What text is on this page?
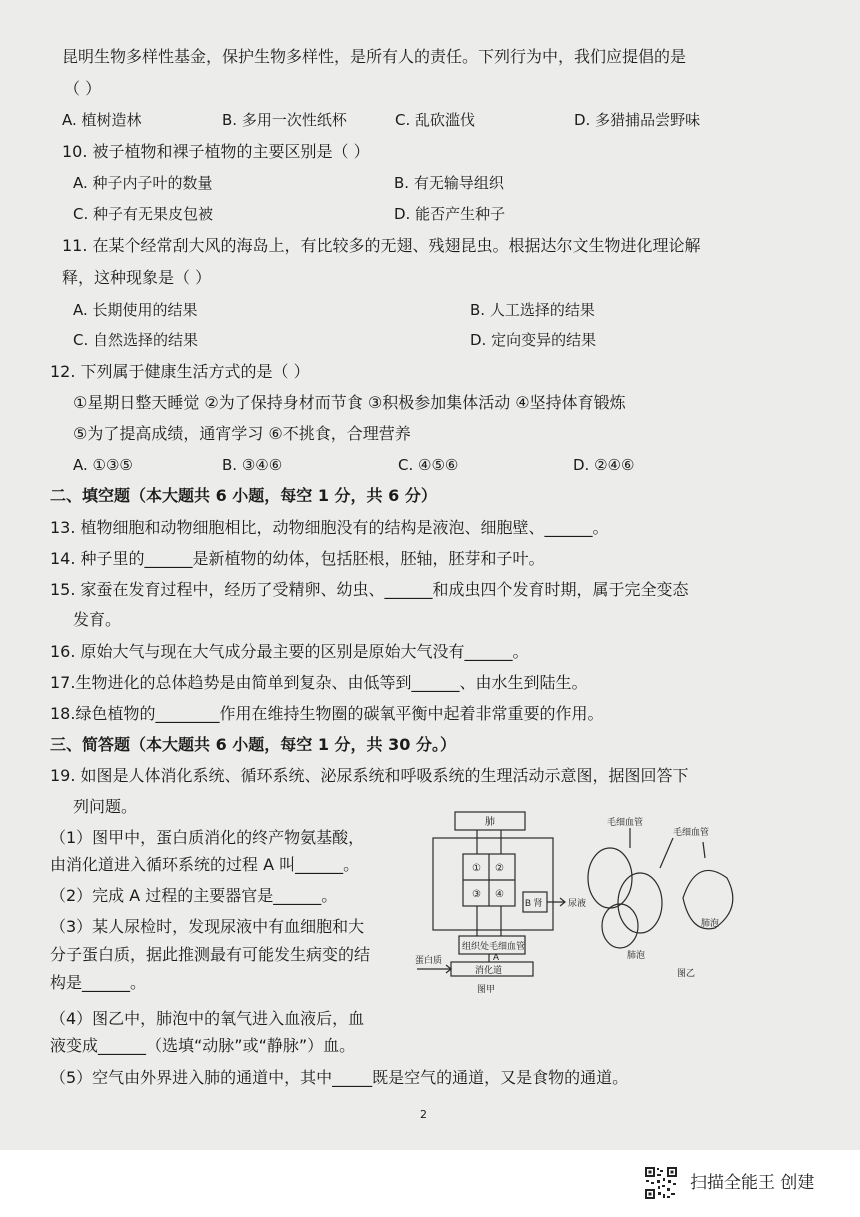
昆明生物多样性基金，保护生物多样性，是所有人的责任。下列行为中，我们应提倡的是
（ ）
A. 植树造林	B. 多用一次性纸杯	C. 乱砍滥伐	D. 多猎捕品尝野味
10. 被子植物和裸子植物的主要区别是（ ）
A. 种子内子叶的数量	B. 有无输导组织
C. 种子有无果皮包被	D. 能否产生种子
11. 在某个经常刮大风的海岛上，有比较多的无翅、残翅昆虫。根据达尔文生物进化理论解
释，这种现象是（ ）
A. 长期使用的结果	B. 人工选择的结果
C. 自然选择的结果	D. 定向变异的结果
12. 下列属于健康生活方式的是（ ）
①星期日整天睡觉 ②为了保持身材而节食 ③积极参加集体活动 ④坚持体育锻炼
⑤为了提高成绩，通宵学习 ⑥不挑食，合理营养
A. ①③⑤	B. ③④⑥	C. ④⑤⑥	D. ②④⑥
二、填空题（本大题共 6 小题，每空 1 分，共 6 分）
13. 植物细胞和动物细胞相比，动物细胞没有的结构是液泡、细胞壁、______。
14. 种子里的______是新植物的幼体，包括胚根，胚轴，胚芽和子叶。
15. 家蚕在发育过程中，经历了受精卵、幼虫、______和成虫四个发育时期，属于完全变态
发育。
16. 原始大气与现在大气成分最主要的区别是原始大气没有______。
17.生物进化的总体趋势是由简单到复杂、由低等到______、由水生到陆生。
18.绿色植物的________作用在维持生物圈的碳氧平衡中起着非常重要的作用。
三、简答题（本大题共 6 小题，每空 1 分，共 30 分。）
19. 如图是人体消化系统、循环系统、泌尿系统和呼吸系统的生理活动示意图，据图回答下
列问题。
（1）图甲中，蛋白质消化的终产物氨基酸，
由消化道进入循环系统的过程 A 叫______。
（2）完成 A 过程的主要器官是______。
（3）某人尿检时，发现尿液中有血细胞和大
分子蛋白质，据此推测最有可能发生病变的结
构是______。
（4）图乙中，肺泡中的氧气进入血液后，血
液变成______（选填“动脉”或“静脉”）血。
（5）空气由外界进入肺的通道中，其中_____既是空气的通道，又是食物的通道。
肺
① ②
③ ④
B 肾	尿液
组织处毛细血管
蛋白质
消化道
A
图甲
毛细血管
毛细血管
肺泡
肺泡
图乙
2
扫描全能王 创建
